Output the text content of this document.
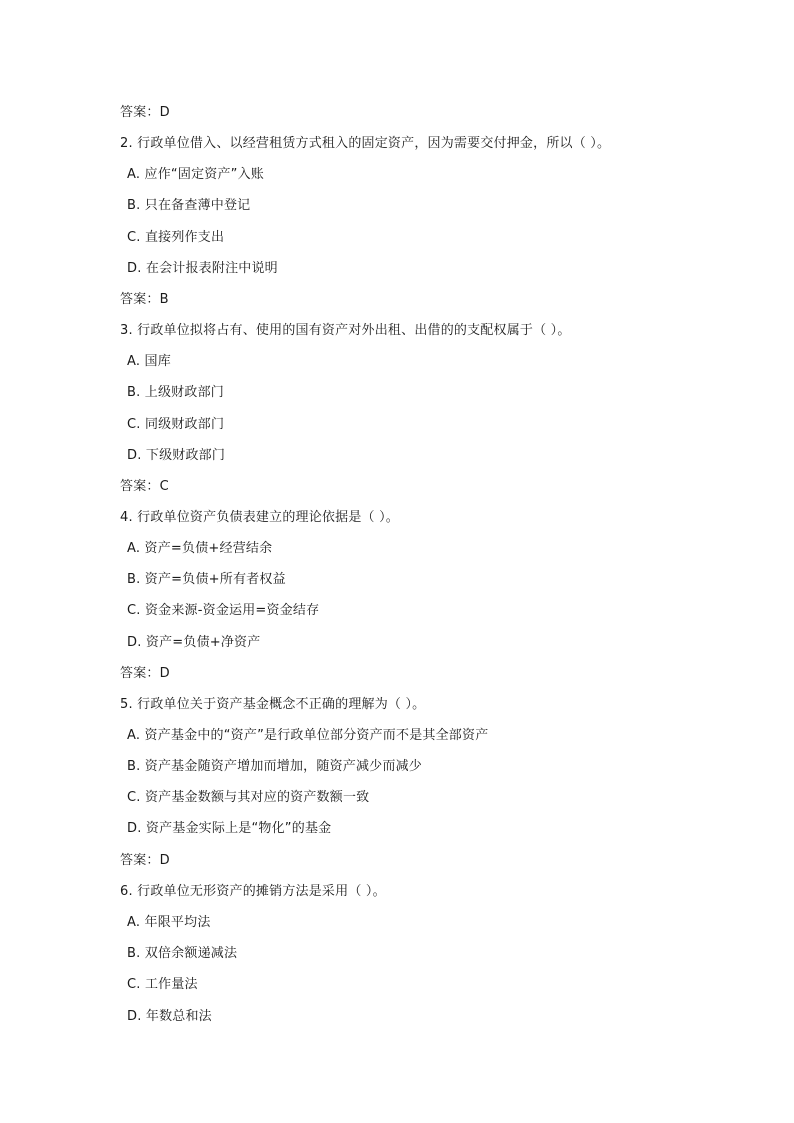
答案：D
2. 行政单位借入、以经营租赁方式租入的固定资产，因为需要交付押金，所以（ ）。
A. 应作“固定资产”入账
B. 只在备查薄中登记
C. 直接列作支出
D. 在会计报表附注中说明
答案：B
3. 行政单位拟将占有、使用的国有资产对外出租、出借的的支配权属于（ ）。
A. 国库
B. 上级财政部门
C. 同级财政部门
D. 下级财政部门
答案：C
4. 行政单位资产负债表建立的理论依据是（ ）。
A. 资产=负债+经营结余
B. 资产=负债+所有者权益
C. 资金来源-资金运用=资金结存
D. 资产=负债+净资产
答案：D
5. 行政单位关于资产基金概念不正确的理解为（ ）。
A. 资产基金中的“资产”是行政单位部分资产而不是其全部资产
B. 资产基金随资产增加而增加，随资产减少而减少
C. 资产基金数额与其对应的资产数额一致
D. 资产基金实际上是“物化”的基金
答案：D
6. 行政单位无形资产的摊销方法是采用（ ）。
A. 年限平均法
B. 双倍余额递减法
C. 工作量法
D. 年数总和法
